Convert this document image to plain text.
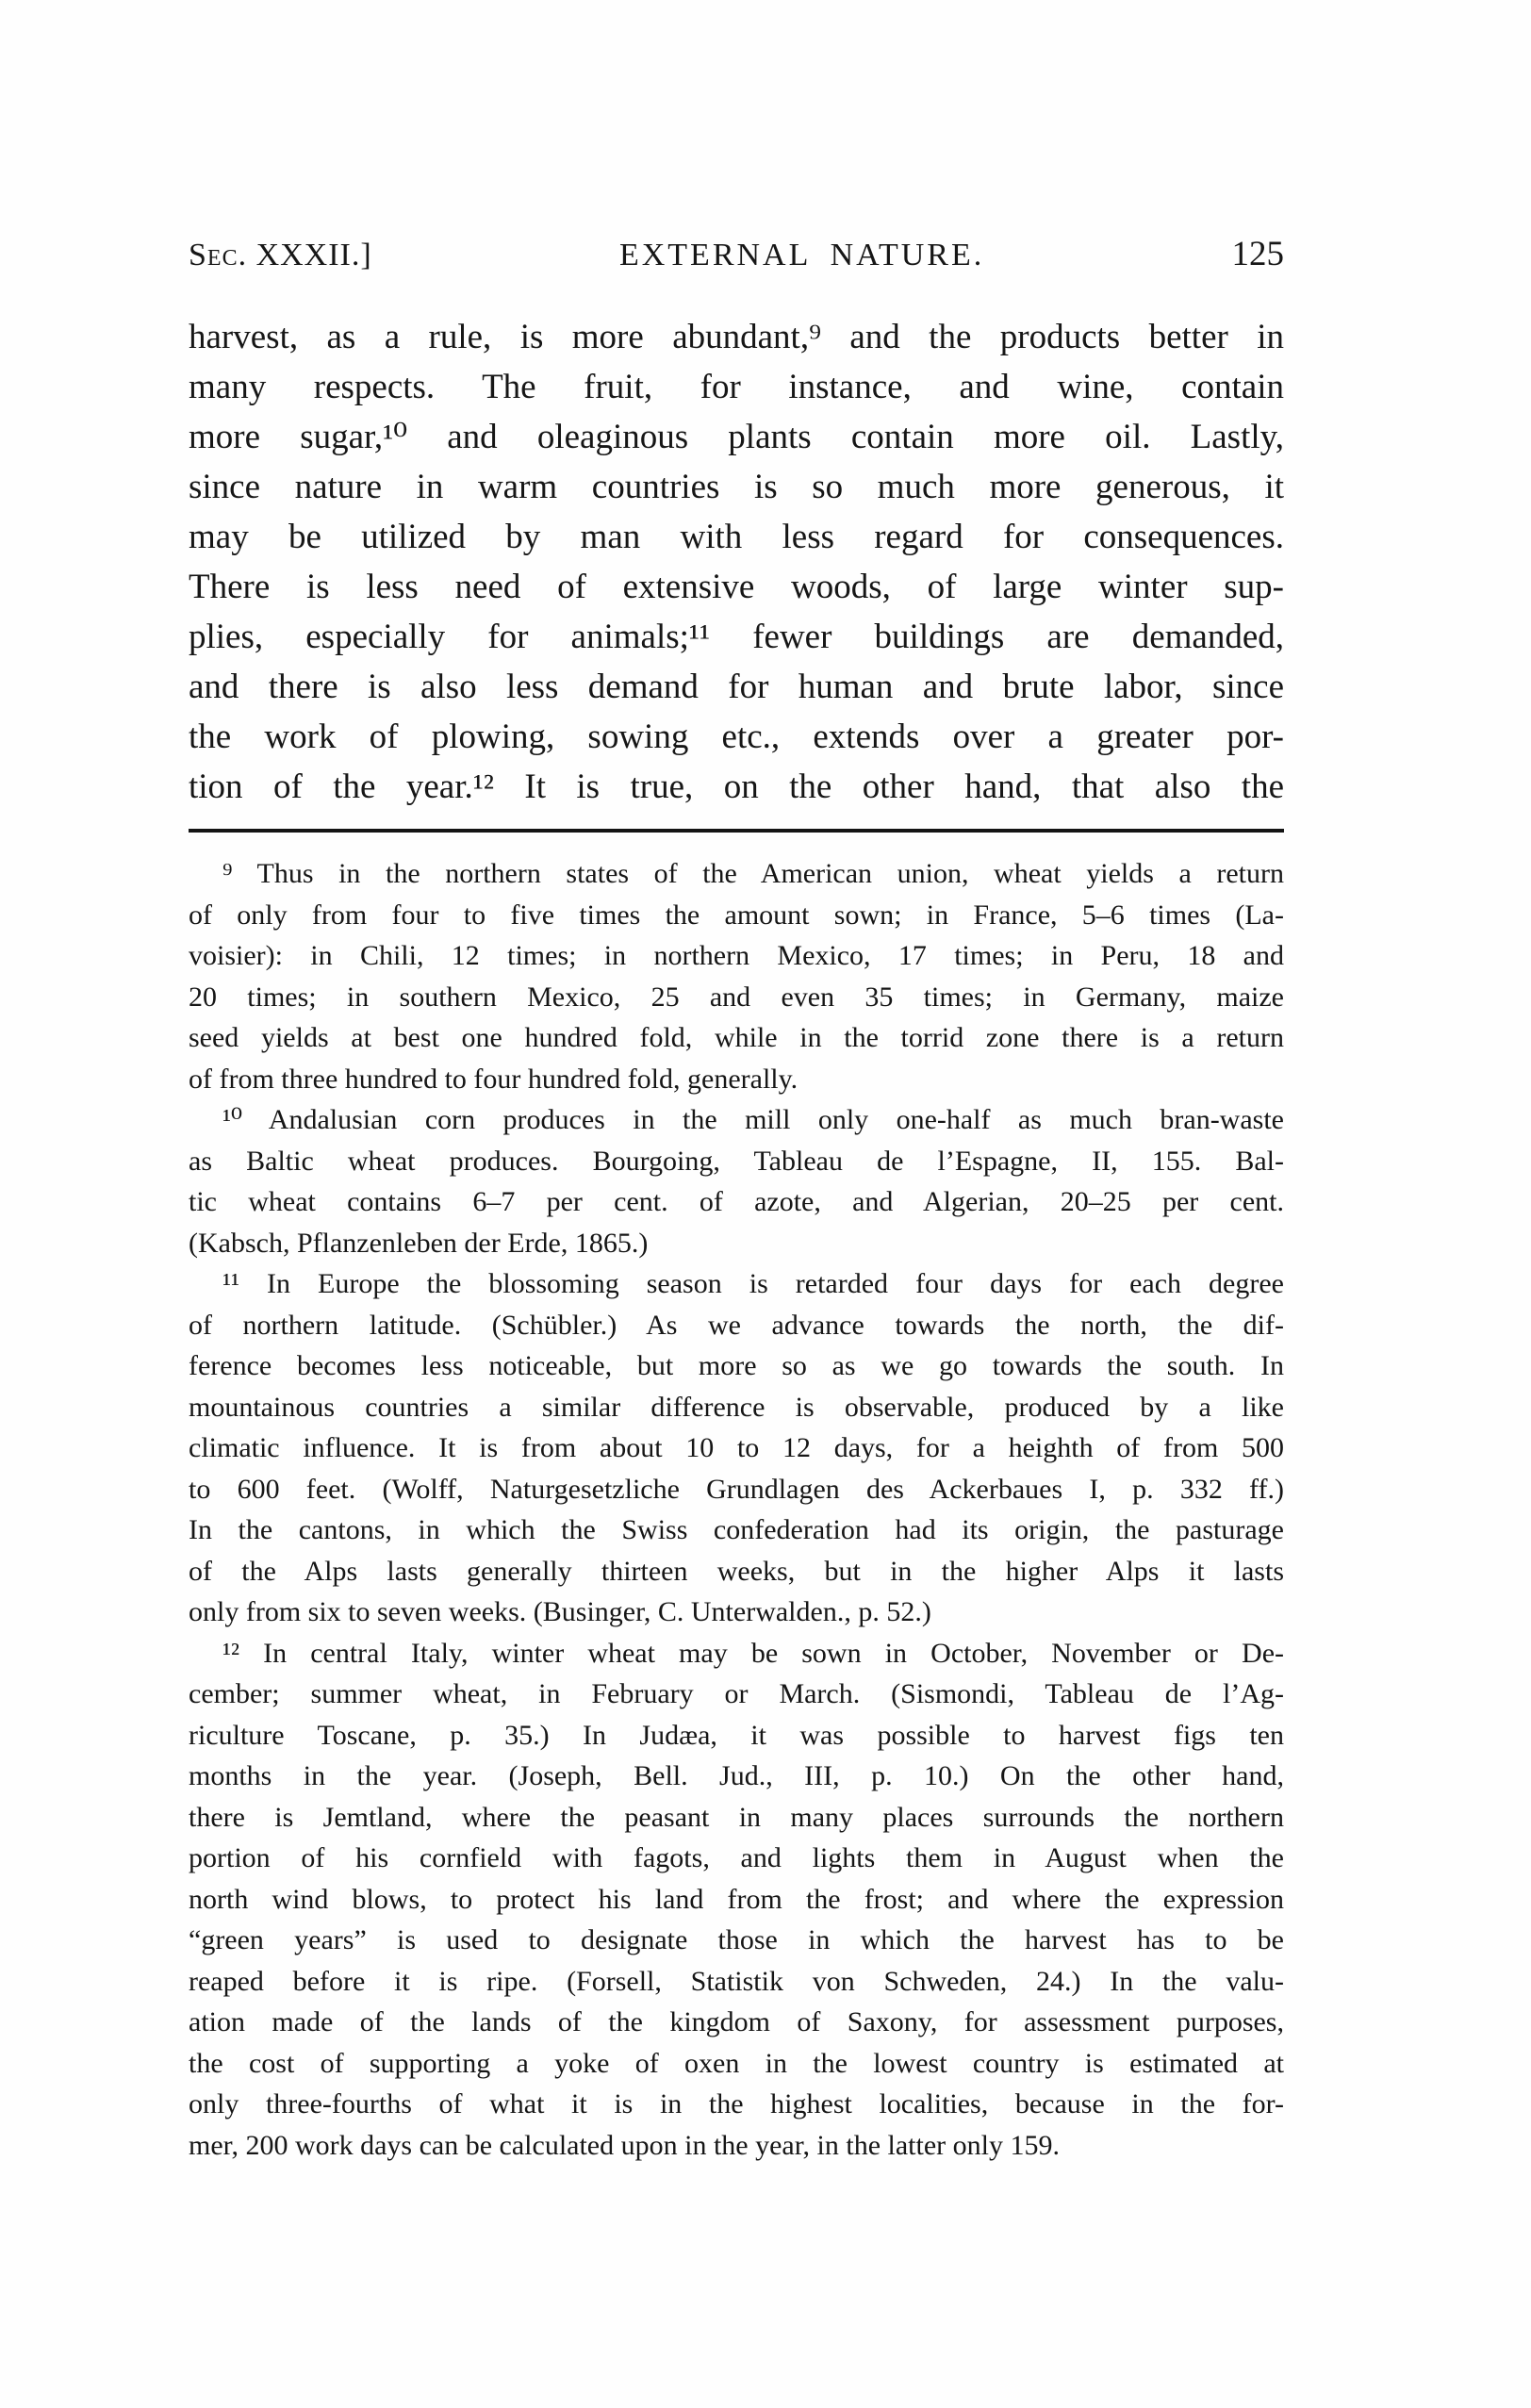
Sec. XXXII.]	EXTERNAL NATURE.	125
harvest, as a rule, is more abundant,⁹ and the products better in
many respects. The fruit, for instance, and wine, contain
more sugar,¹⁰ and oleaginous plants contain more oil. Lastly,
since nature in warm countries is so much more generous, it
may be utilized by man with less regard for consequences.
There is less need of extensive woods, of large winter sup-
plies, especially for animals;¹¹ fewer buildings are demanded,
and there is also less demand for human and brute labor, since
the work of plowing, sowing etc., extends over a greater por-
tion of the year.¹² It is true, on the other hand, that also the
⁹ Thus in the northern states of the American union, wheat yields a return
of only from four to five times the amount sown; in France, 5–6 times (La-
voisier): in Chili, 12 times; in northern Mexico, 17 times; in Peru, 18 and
20 times; in southern Mexico, 25 and even 35 times; in Germany, maize
seed yields at best one hundred fold, while in the torrid zone there is a return
of from three hundred to four hundred fold, generally.
¹⁰ Andalusian corn produces in the mill only one-half as much bran-waste
as Baltic wheat produces. Bourgoing, Tableau de l’Espagne, II, 155. Bal-
tic wheat contains 6–7 per cent. of azote, and Algerian, 20–25 per cent.
(Kabsch, Pflanzenleben der Erde, 1865.)
¹¹ In Europe the blossoming season is retarded four days for each degree
of northern latitude. (Schübler.) As we advance towards the north, the dif-
ference becomes less noticeable, but more so as we go towards the south. In
mountainous countries a similar difference is observable, produced by a like
climatic influence. It is from about 10 to 12 days, for a heighth of from 500
to 600 feet. (Wolff, Naturgesetzliche Grundlagen des Ackerbaues I, p. 332 ff.)
In the cantons, in which the Swiss confederation had its origin, the pasturage
of the Alps lasts generally thirteen weeks, but in the higher Alps it lasts
only from six to seven weeks. (Businger, C. Unterwalden., p. 52.)
¹² In central Italy, winter wheat may be sown in October, November or De-
cember; summer wheat, in February or March. (Sismondi, Tableau de l’Ag-
riculture Toscane, p. 35.) In Judæa, it was possible to harvest figs ten
months in the year. (Joseph, Bell. Jud., III, p. 10.) On the other hand,
there is Jemtland, where the peasant in many places surrounds the northern
portion of his cornfield with fagots, and lights them in August when the
north wind blows, to protect his land from the frost; and where the expression
“green years” is used to designate those in which the harvest has to be
reaped before it is ripe. (Forsell, Statistik von Schweden, 24.) In the valu-
ation made of the lands of the kingdom of Saxony, for assessment purposes,
the cost of supporting a yoke of oxen in the lowest country is estimated at
only three-fourths of what it is in the highest localities, because in the for-
mer, 200 work days can be calculated upon in the year, in the latter only 159.
